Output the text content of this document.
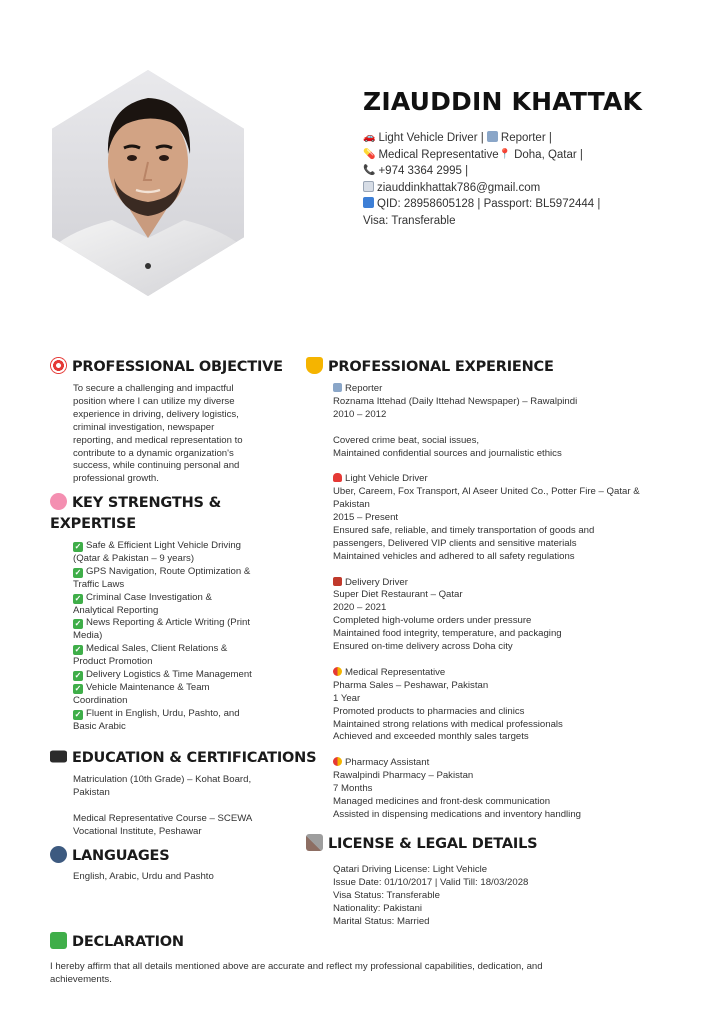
ZIAUDDIN KHATTAK
🚗 Light Vehicle Driver | Reporter |
💊 Medical Representative📍 Doha, Qatar |
📞 +974 3364 2995 |
ziauddinkhattak786@gmail.com
QID: 28958605128 | Passport: BL5972444 |
Visa: Transferable
PROFESSIONAL OBJECTIVE

To secure a challenging and impactful

position where I can utilize my diverse

experience in driving, delivery logistics,

criminal investigation, newspaper

reporting, and medical representation to

contribute to a dynamic organization's

success, while continuing personal and

professional growth.

KEY STRENGTHS &
EXPERTISE

✓ Safe & Efficient Light Vehicle Driving

(Qatar & Pakistan – 9 years)

✓ GPS Navigation, Route Optimization &

Traffic Laws

✓ Criminal Case Investigation &

Analytical Reporting

✓ News Reporting & Article Writing (Print

Media)

✓ Medical Sales, Client Relations &

Product Promotion

✓ Delivery Logistics & Time Management

✓ Vehicle Maintenance & Team

Coordination

✓ Fluent in English, Urdu, Pashto, and

Basic Arabic

EDUCATION & CERTIFICATIONS

Matriculation (10th Grade) – Kohat Board,

Pakistan

Medical Representative Course – SCEWA

Vocational Institute, Peshawar

LANGUAGES

English, Arabic, Urdu and Pashto

PROFESSIONAL EXPERIENCE

Reporter

Roznama Ittehad (Daily Ittehad Newspaper) – Rawalpindi

2010 – 2012

Covered crime beat, social issues,

Maintained confidential sources and journalistic ethics

Light Vehicle Driver

Uber, Careem, Fox Transport, Al Aseer United Co., Potter Fire – Qatar &

Pakistan

2015 – Present

Ensured safe, reliable, and timely transportation of goods and

passengers, Delivered VIP clients and sensitive materials

Maintained vehicles and adhered to all safety regulations

Delivery Driver

Super Diet Restaurant – Qatar

2020 – 2021

Completed high-volume orders under pressure

Maintained food integrity, temperature, and packaging

Ensured on-time delivery across Doha city

Medical Representative

Pharma Sales – Peshawar, Pakistan

1 Year

Promoted products to pharmacies and clinics

Maintained strong relations with medical professionals

Achieved and exceeded monthly sales targets

Pharmacy Assistant

Rawalpindi Pharmacy – Pakistan

7 Months

Managed medicines and front-desk communication

Assisted in dispensing medications and inventory handling

LICENSE & LEGAL DETAILS

Qatari Driving License: Light Vehicle

Issue Date: 01/10/2017 | Valid Till: 18/03/2028

Visa Status: Transferable

Nationality: Pakistani

Marital Status: Married

DECLARATION

I hereby affirm that all details mentioned above are accurate and reflect my professional capabilities, dedication, and

achievements.
